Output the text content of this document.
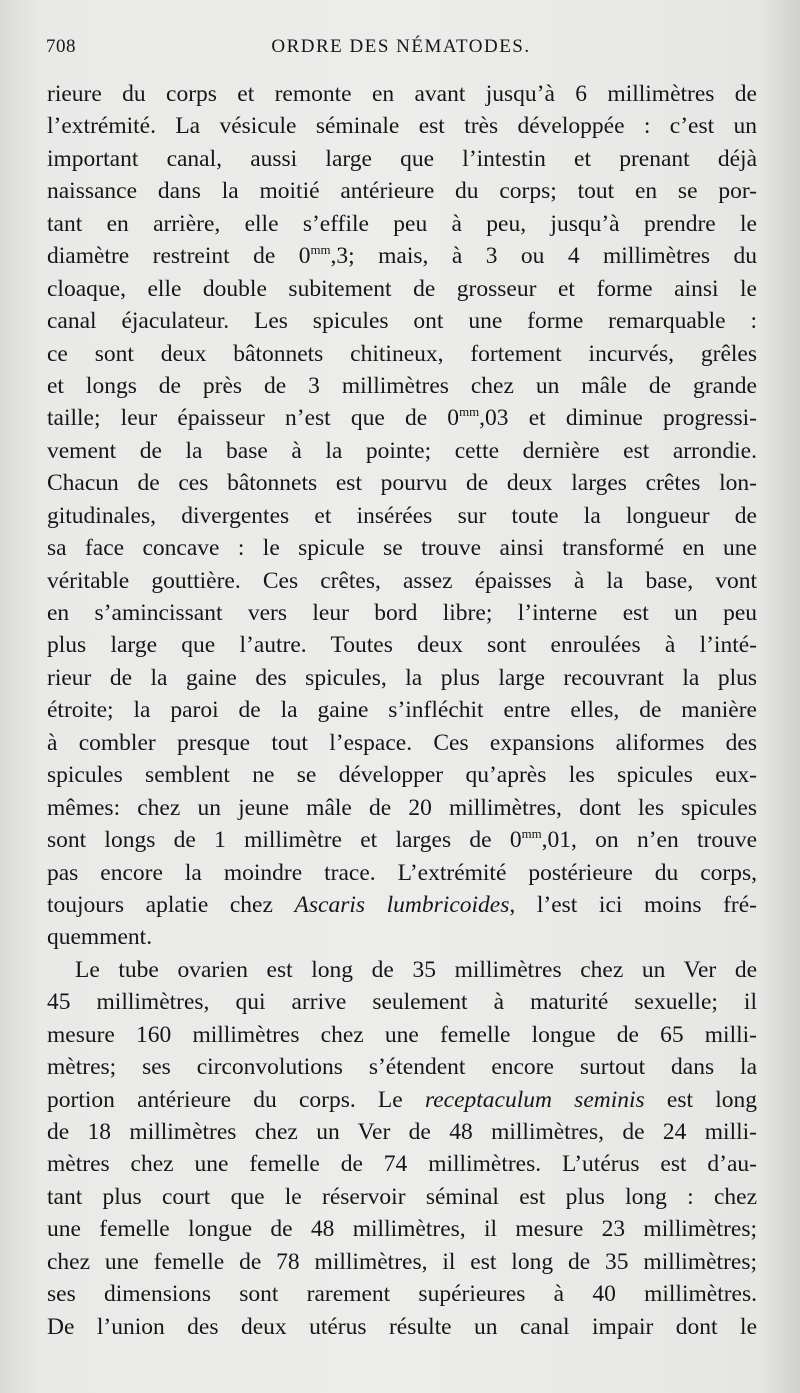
708	ORDRE DES NÉMATODES.
rieure du corps et remonte en avant jusqu’à 6 millimètres de
l’extrémité. La vésicule séminale est très développée : c’est un
important canal, aussi large que l’intestin et prenant déjà
naissance dans la moitié antérieure du corps; tout en se por-
tant en arrière, elle s’effile peu à peu, jusqu’à prendre le
diamètre restreint de $0^{mm},3$; mais, à 3 ou 4 millimètres du
cloaque, elle double subitement de grosseur et forme ainsi le
canal éjaculateur. Les spicules ont une forme remarquable :
ce sont deux bâtonnets chitineux, fortement incurvés, grêles
et longs de près de 3 millimètres chez un mâle de grande
taille; leur épaisseur n’est que de $0^{mm},03$ et diminue progressi-
vement de la base à la pointe; cette dernière est arrondie.
Chacun de ces bâtonnets est pourvu de deux larges crêtes lon-
gitudinales, divergentes et insérées sur toute la longueur de
sa face concave : le spicule se trouve ainsi transformé en une
véritable gouttière. Ces crêtes, assez épaisses à la base, vont
en s’amincissant vers leur bord libre; l’interne est un peu
plus large que l’autre. Toutes deux sont enroulées à l’inté-
rieur de la gaine des spicules, la plus large recouvrant la plus
étroite; la paroi de la gaine s’infléchit entre elles, de manière
à combler presque tout l’espace. Ces expansions aliformes des
spicules semblent ne se développer qu’après les spicules eux-
mêmes: chez un jeune mâle de 20 millimètres, dont les spicules
sont longs de 1 millimètre et larges de $0^{mm},01$, on n’en trouve
pas encore la moindre trace. L’extrémité postérieure du corps,
toujours aplatie chez Ascaris lumbricoides, l’est ici moins fré-
quemment.
Le tube ovarien est long de 35 millimètres chez un Ver de
45 millimètres, qui arrive seulement à maturité sexuelle; il
mesure 160 millimètres chez une femelle longue de 65 milli-
mètres; ses circonvolutions s’étendent encore surtout dans la
portion antérieure du corps. Le receptaculum seminis est long
de 18 millimètres chez un Ver de 48 millimètres, de 24 milli-
mètres chez une femelle de 74 millimètres. L’utérus est d’au-
tant plus court que le réservoir séminal est plus long : chez
une femelle longue de 48 millimètres, il mesure 23 millimètres;
chez une femelle de 78 millimètres, il est long de 35 millimètres;
ses dimensions sont rarement supérieures à 40 millimètres.
De l’union des deux utérus résulte un canal impair dont le
